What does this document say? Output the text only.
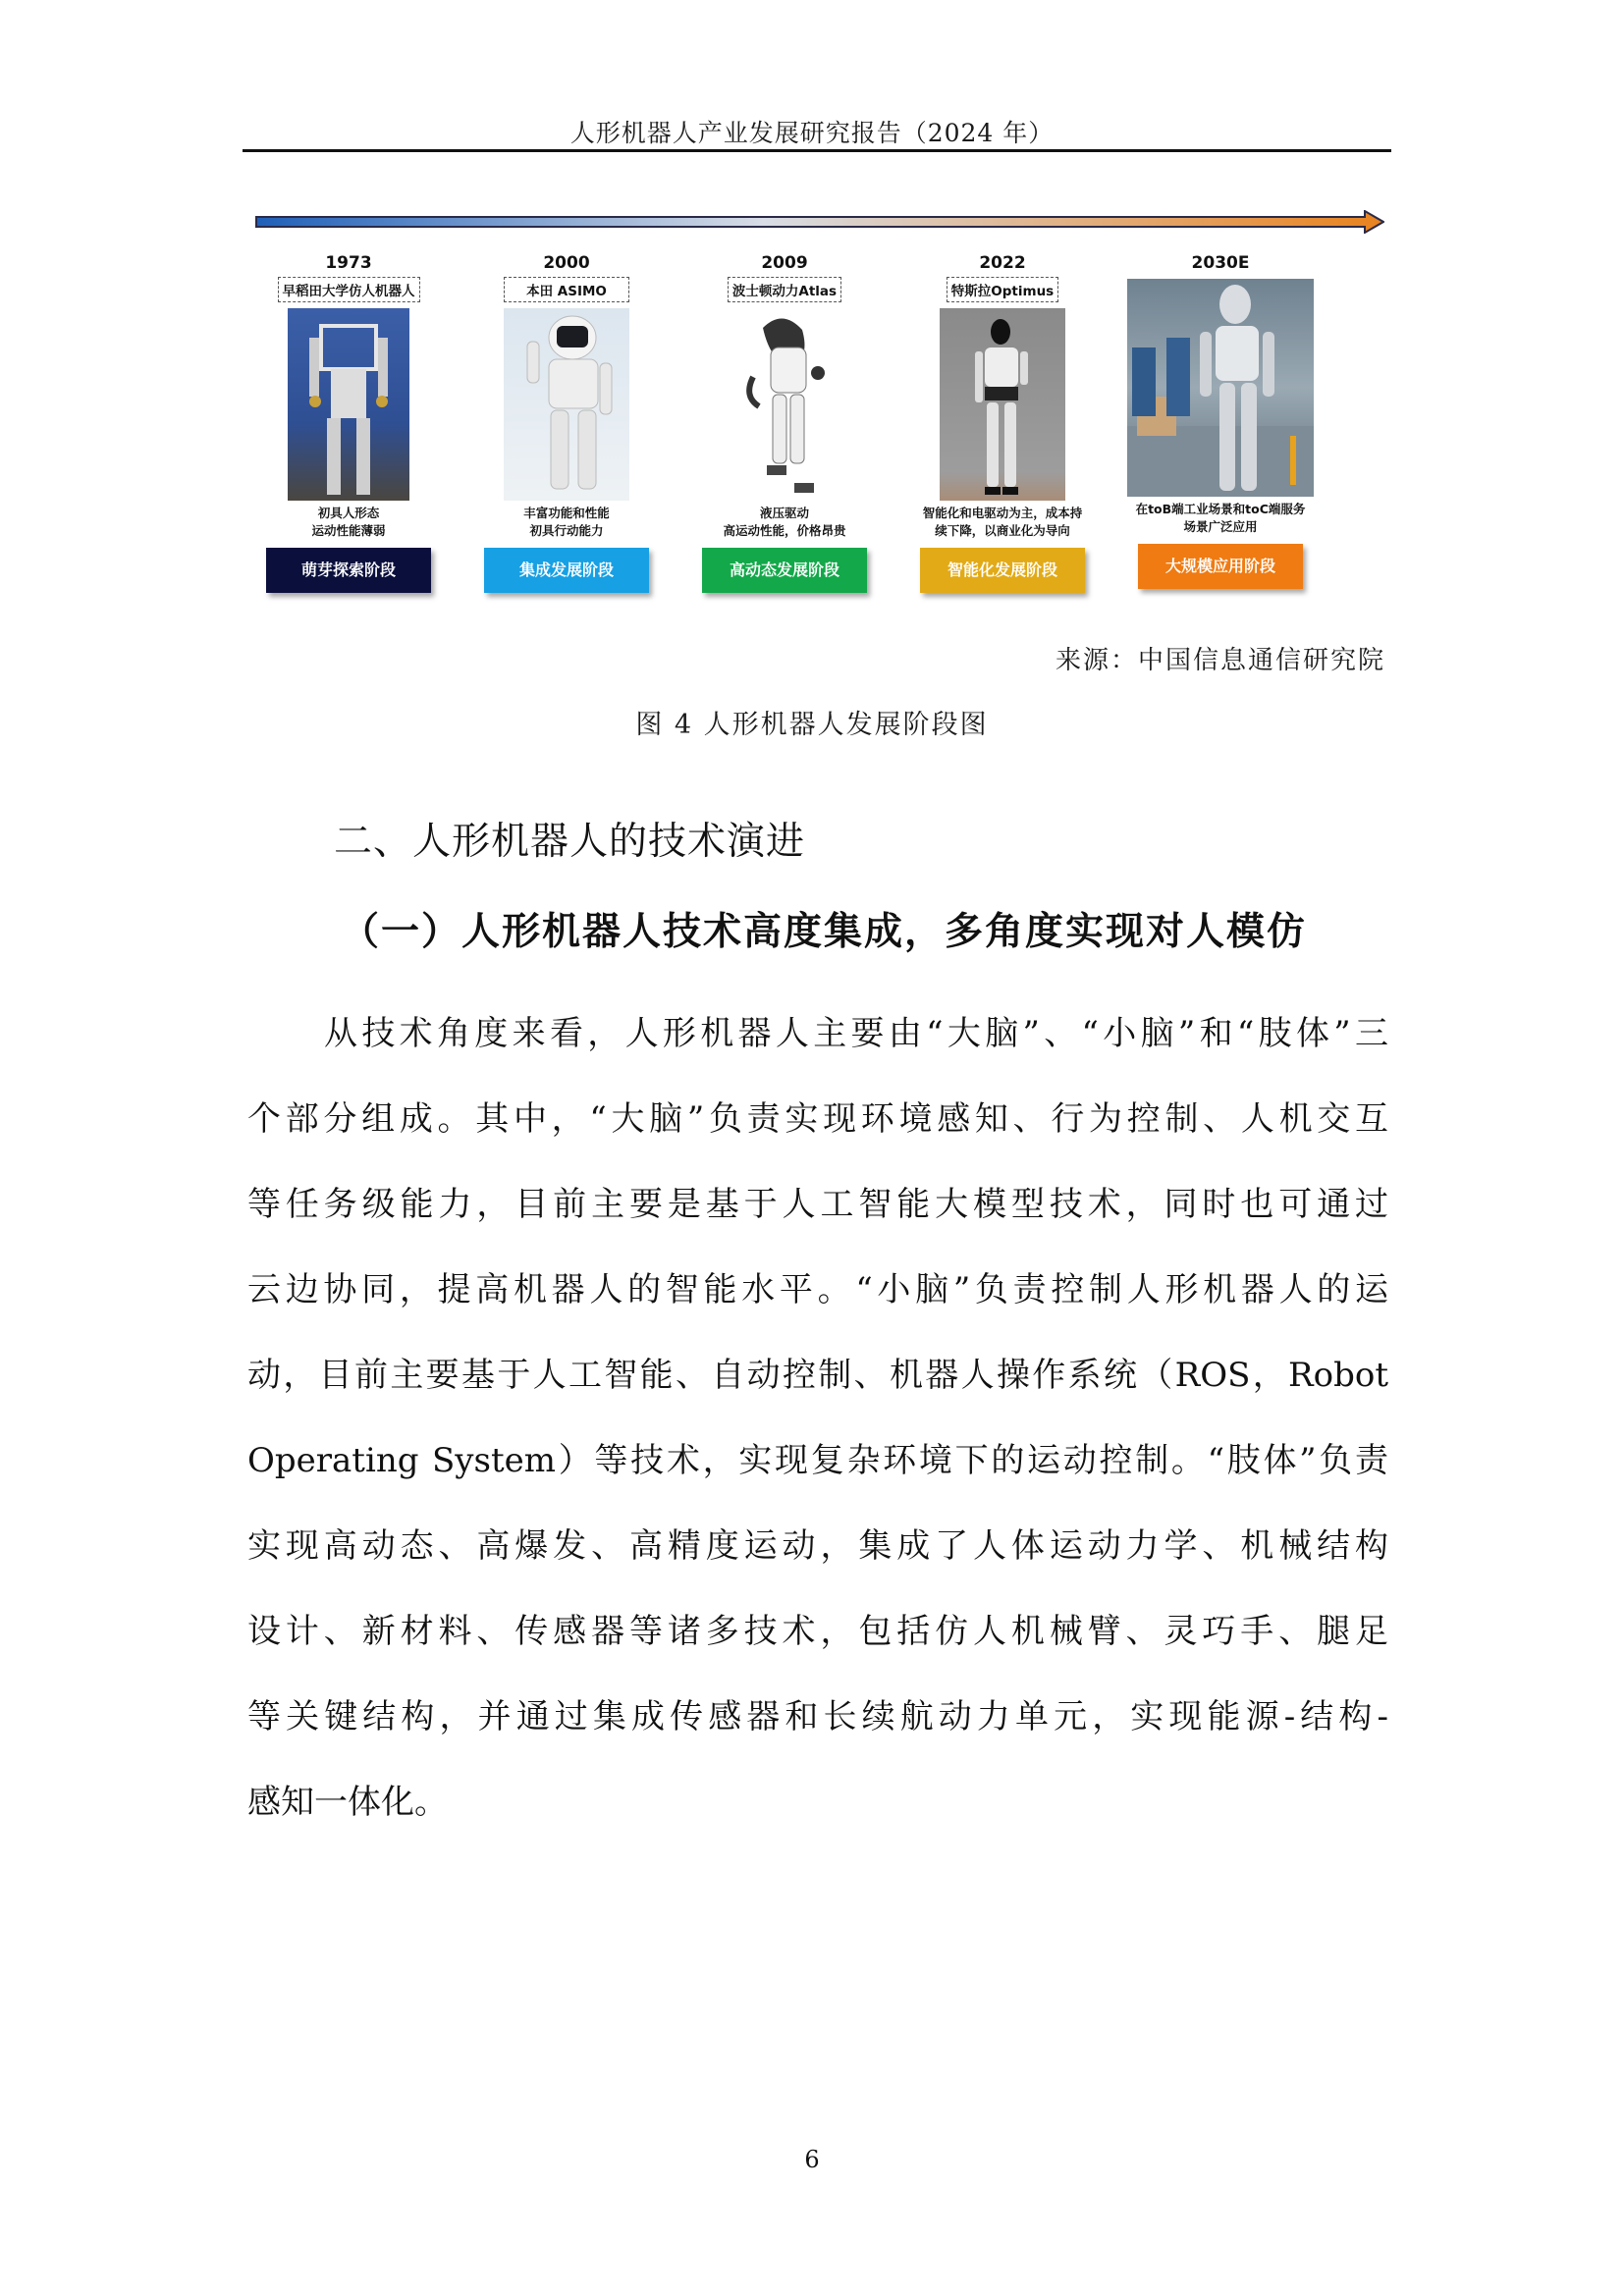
人形机器人产业发展研究报告（2024 年）
1973
早稻田大学仿人机器人
初具人形态
运动性能薄弱
萌芽探索阶段
2000
本田 ASIMO
丰富功能和性能
初具行动能力
集成发展阶段
2009
波士顿动力Atlas
液压驱动
高运动性能，价格昂贵
高动态发展阶段
2022
特斯拉Optimus
智能化和电驱动为主，成本持
续下降，以商业化为导向
智能化发展阶段
2030E
在toB端工业场景和toC端服务
场景广泛应用
大规模应用阶段
来源：中国信息通信研究院
图 4 人形机器人发展阶段图
二、人形机器人的技术演进
（一）人形机器人技术高度集成，多角度实现对人模仿
从技术角度来看，人形机器人主要由“大脑”、“小脑”和“肢体”三
个部分组成。其中，“大脑”负责实现环境感知、行为控制、人机交互
等任务级能力，目前主要是基于人工智能大模型技术，同时也可通过
云边协同，提高机器人的智能水平。“小脑”负责控制人形机器人的运
动，目前主要基于人工智能、自动控制、机器人操作系统（ROS，Robot
Operating System）等技术，实现复杂环境下的运动控制。“肢体”负责
实现高动态、高爆发、高精度运动，集成了人体运动力学、机械结构
设计、新材料、传感器等诸多技术，包括仿人机械臂、灵巧手、腿足
等关键结构，并通过集成传感器和长续航动力单元，实现能源-结构-
感知一体化。
6
